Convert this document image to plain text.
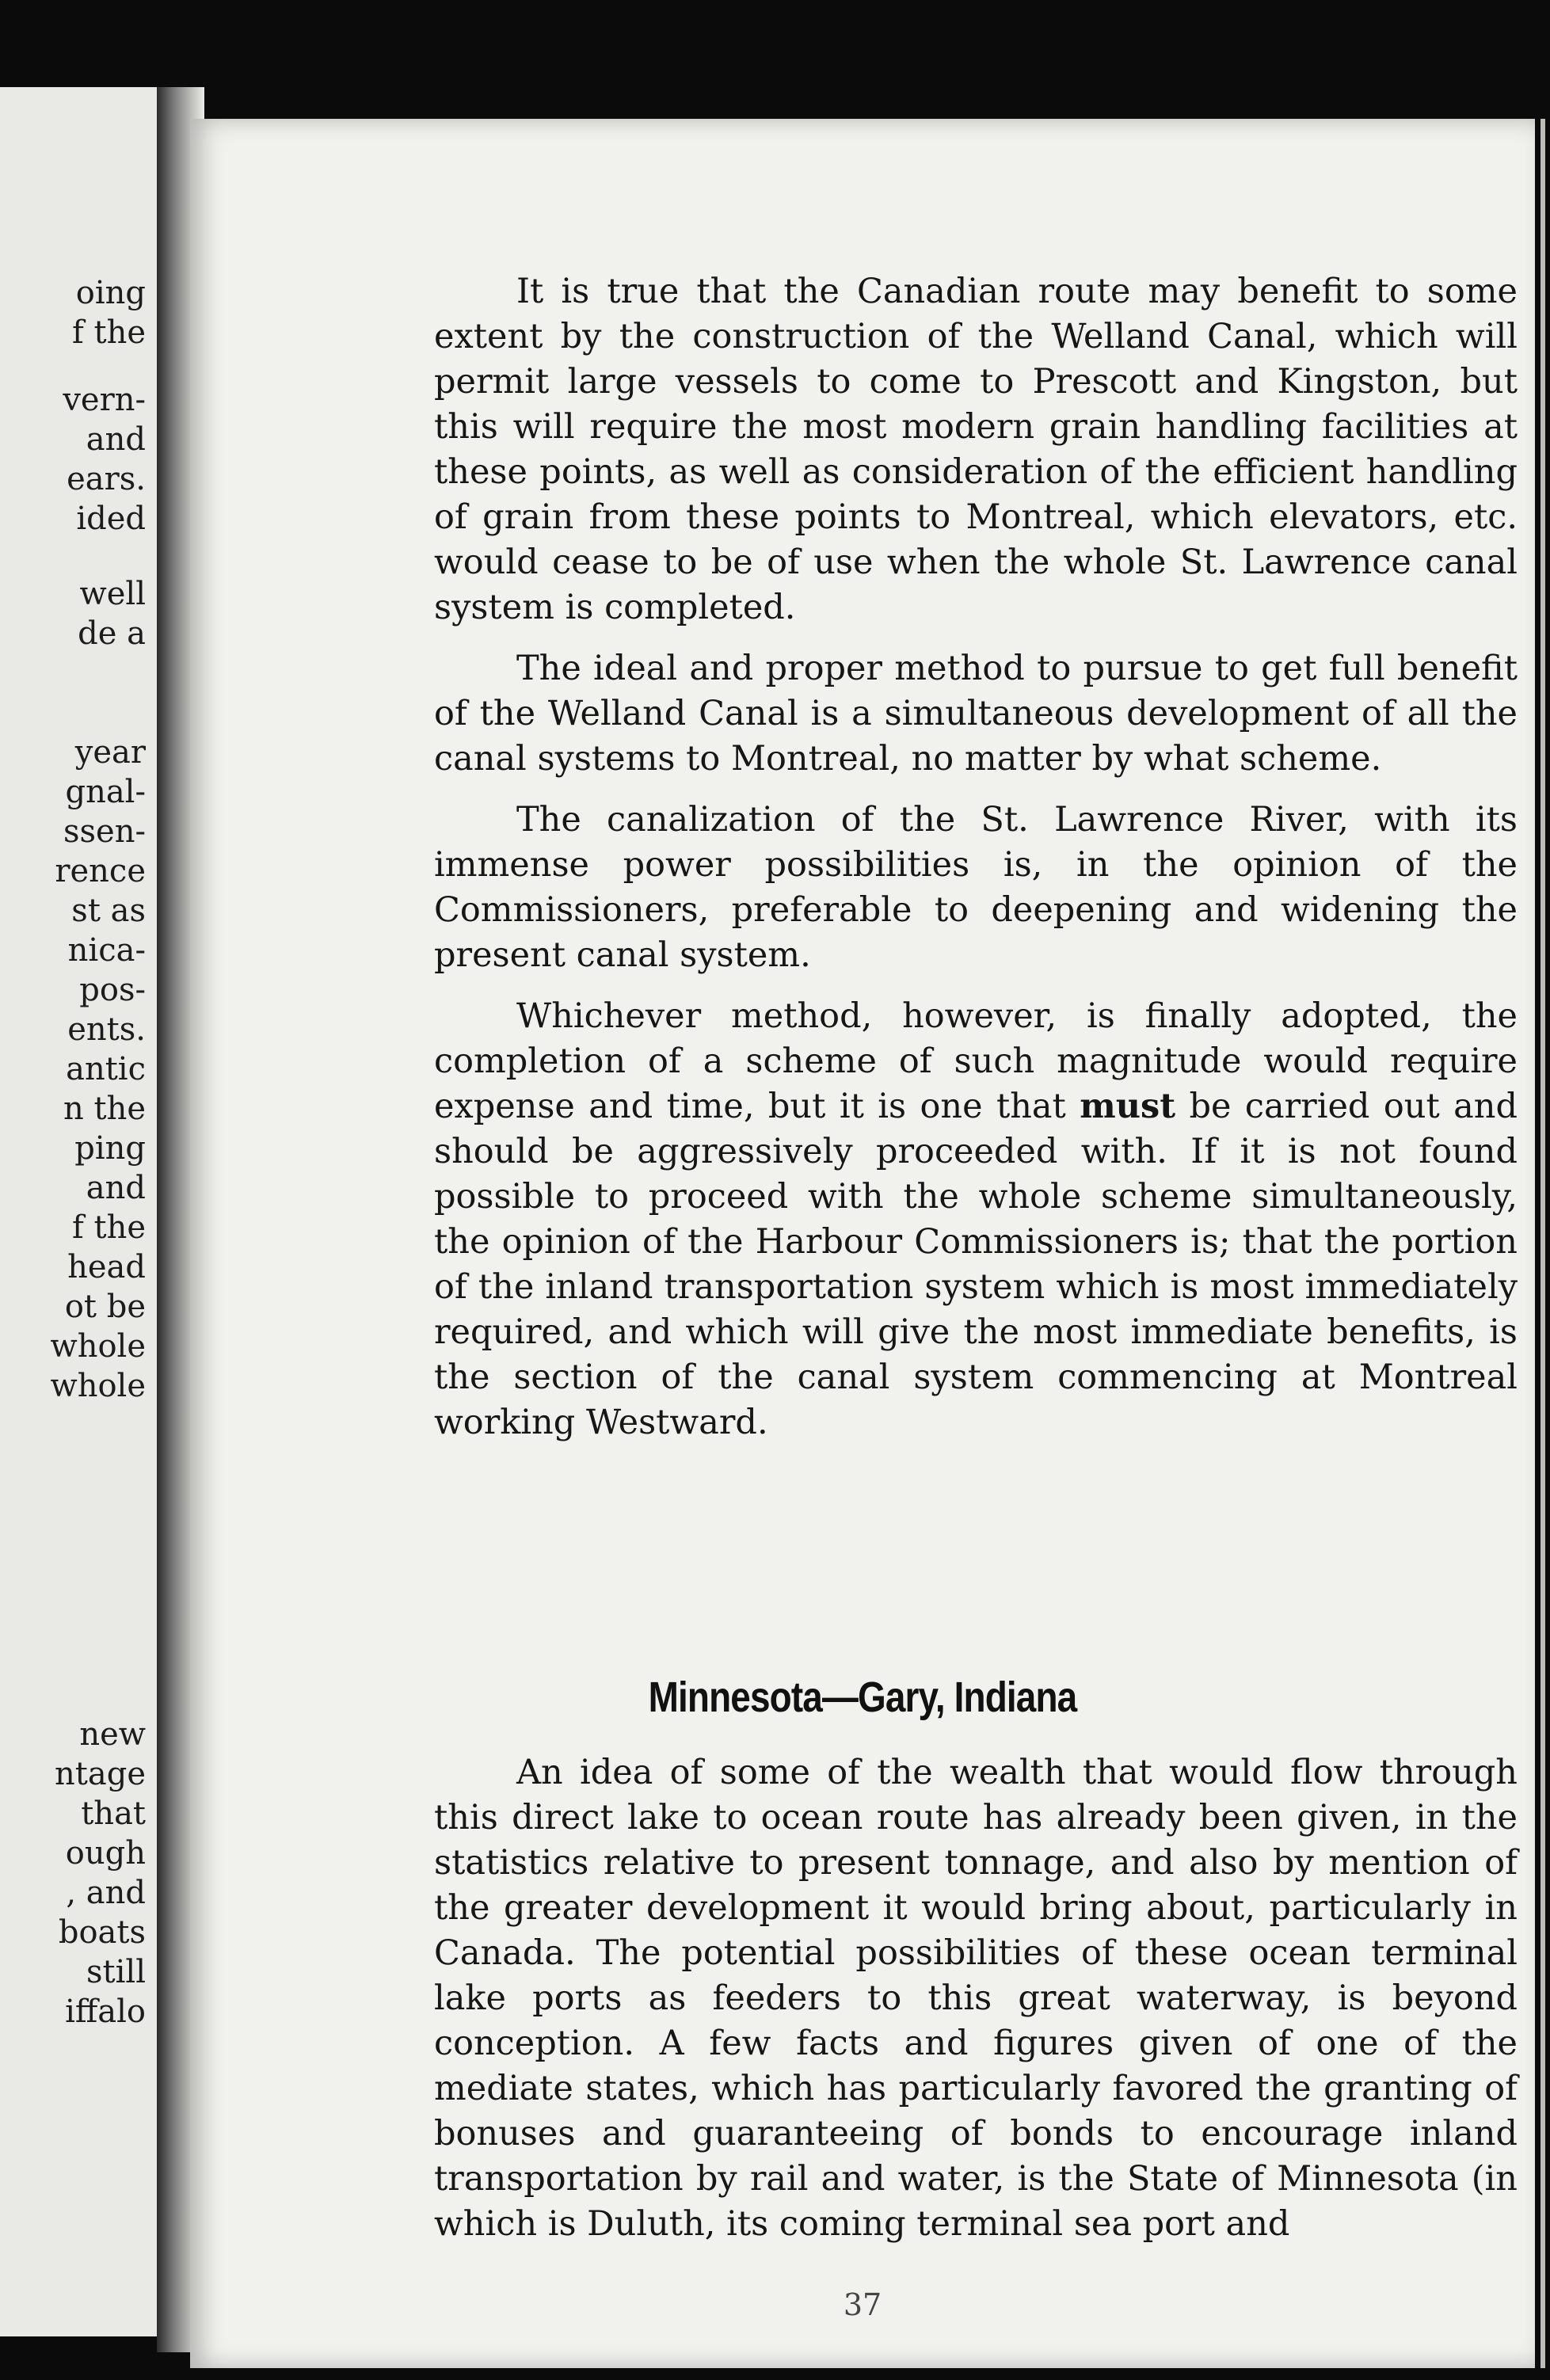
oing
f the
vern-
and
ears.
ided
well
de a
year
gnal-
ssen-
rence
st as
nica-
pos-
ents.
antic
n the
ping
and
f the
head
ot be
whole
whole
new
ntage
that
ough
, and
boats
still
iffalo

It is true that the Canadian route may benefit to some extent by the construction of the Welland Canal, which will permit large vessels to come to Prescott and Kingston, but this will require the most modern grain handling facilities at these points, as well as consideration of the efficient handling of grain from these points to Montreal, which elevators, etc. would cease to be of use when the whole St. Lawrence canal system is completed.

The ideal and proper method to pursue to get full benefit of the Welland Canal is a simultaneous development of all the canal systems to Montreal, no matter by what scheme.

The canalization of the St. Lawrence River, with its immense power possibilities is, in the opinion of the Commissioners, preferable to deepening and widening the present canal system.

Whichever method, however, is finally adopted, the completion of a scheme of such magnitude would require expense and time, but it is one that must be carried out and should be aggressively proceeded with. If it is not found possible to proceed with the whole scheme simultaneously, the opinion of the Harbour Commissioners is; that the portion of the inland transportation system which is most immediately required, and which will give the most immediate benefits, is the section of the canal system commencing at Montreal working Westward.

Minnesota—Gary, Indiana

An idea of some of the wealth that would flow through this direct lake to ocean route has already been given, in the statistics relative to present tonnage, and also by mention of the greater development it would bring about, particularly in Canada. The potential possibilities of these ocean terminal lake ports as feeders to this great waterway, is beyond conception. A few facts and figures given of one of the mediate states, which has particularly favored the granting of bonuses and guaranteeing of bonds to encourage inland transportation by rail and water, is the State of Minnesota (in which is Duluth, its coming terminal sea port and

37
